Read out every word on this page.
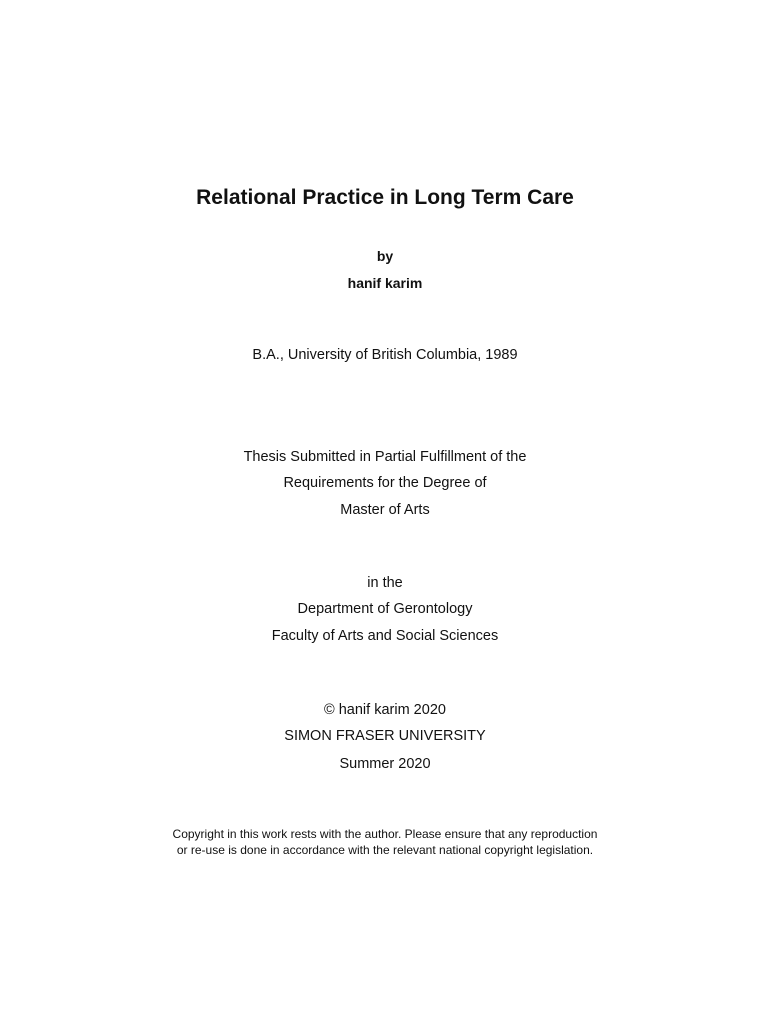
Relational Practice in Long Term Care
by
hanif karim
B.A., University of British Columbia, 1989
Thesis Submitted in Partial Fulfillment of the
Requirements for the Degree of
Master of Arts
in the
Department of Gerontology
Faculty of Arts and Social Sciences
© hanif karim 2020
SIMON FRASER UNIVERSITY
Summer 2020
Copyright in this work rests with the author. Please ensure that any reproduction
or re-use is done in accordance with the relevant national copyright legislation.
